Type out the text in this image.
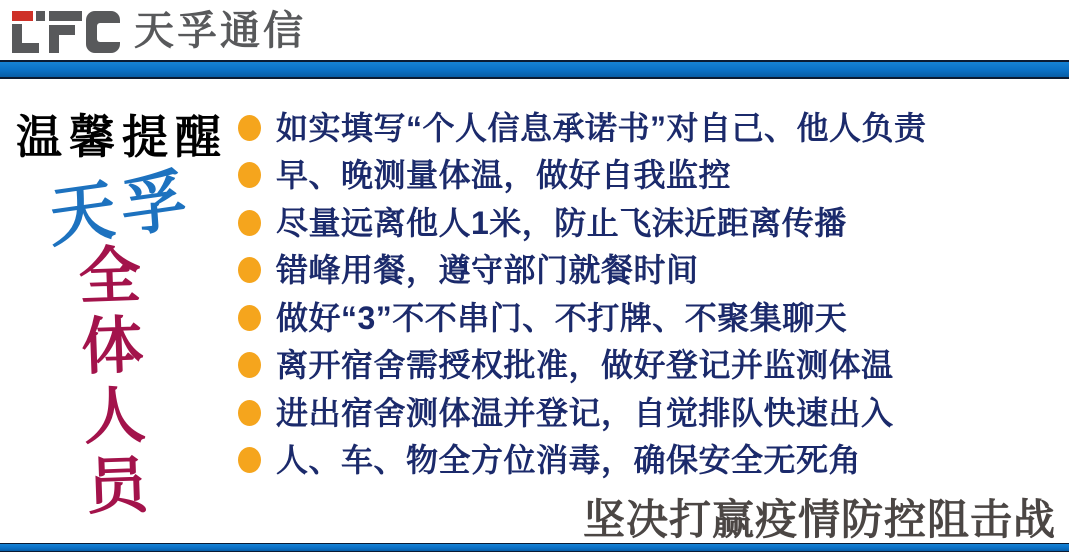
天孚通信
温馨提醒
天孚
全体人员
如实填写“个人信息承诺书”对自己、他人负责
早、晚测量体温，做好自我监控
尽量远离他人1米，防止飞沫近距离传播
错峰用餐，遵守部门就餐时间
做好“3”不不串门、不打牌、不聚集聊天
离开宿舍需授权批准，做好登记并监测体温
进出宿舍测体温并登记，自觉排队快速出入
人、车、物全方位消毒，确保安全无死角
坚决打赢疫情防控阻击战
